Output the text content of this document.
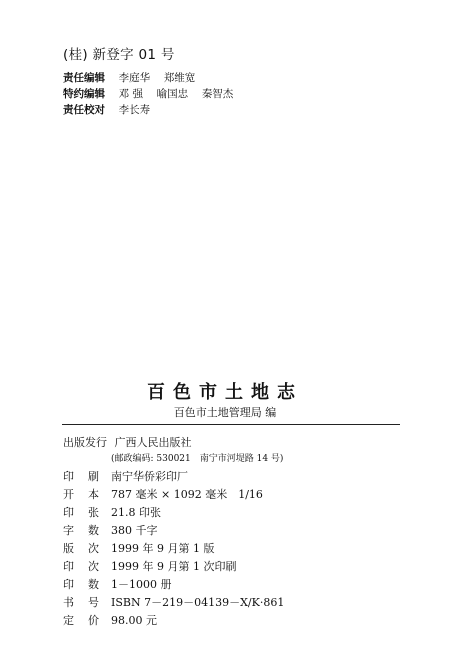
(桂) 新登字 01 号
责任编辑 李庭华 郑维宽
特约编辑 邓 强 喻国忠 秦智杰
责任校对 李长寿
百色市土地志
百色市土地管理局 编
出版发行 广西人民出版社
(邮政编码: 530021　南宁市河堤路 14 号)
印刷南宁华侨彩印厂
开本787 毫米 × 1092 毫米　1/16
印张21.8 印张
字数380 千字
版次1999 年 9 月第 1 版
印次1999 年 9 月第 1 次印刷
印数1－1000 册
书号ISBN 7－219－04139－X/K·861
定价98.00 元
